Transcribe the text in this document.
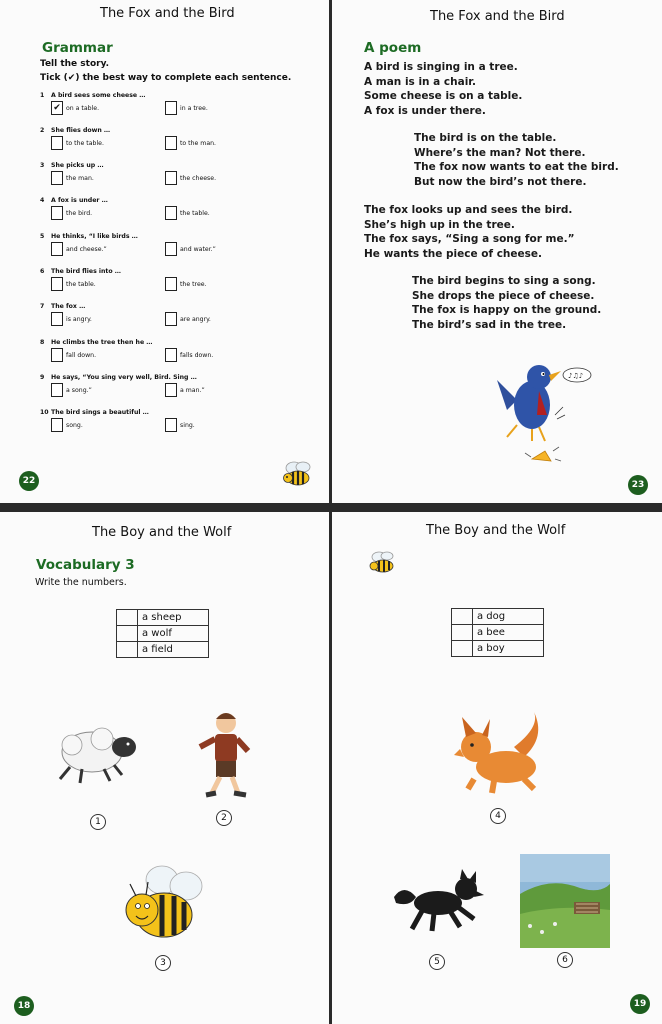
The Fox and the Bird
Grammar
Tell the story.
Tick (✔) the best way to complete each sentence.
1 A bird sees some cheese …
✔
on a table.	in a tree.
2 She flies down …
to the table.	to the man.
3 She picks up …
the man.	the cheese.
4 A fox is under …
the bird.	the table.
5 He thinks, “I like birds …
and cheese.”	and water.”
6 The bird flies into …
the table.	the tree.
7 The fox …
is angry.	are angry.
8 He climbs the tree then he …
fall down.	falls down.
9 He says, “You sing very well, Bird. Sing …
a song.”	a man.”
10 The bird sings a beautiful …
song.	sing.
22
The Fox and the Bird
A poem
A bird is singing in a tree.
A man is in a chair.
Some cheese is on a table.
A fox is under there.
The bird is on the table.
Where’s the man? Not there.
The fox now wants to eat the bird.
But now the bird’s not there.
The fox looks up and sees the bird.
She’s high up in the tree.
The fox says, “Sing a song for me.”
He wants the piece of cheese.
The bird begins to sing a song.
She drops the piece of cheese.
The fox is happy on the ground.
The bird’s sad in the tree.
♪♫♪
23
The Boy and the Wolf
Vocabulary 3
Write the numbers.
	a sheep
	a wolf
	a field
1	2
3
18
The Boy and the Wolf
	a dog
	a bee
	a boy
4
5	6
19
